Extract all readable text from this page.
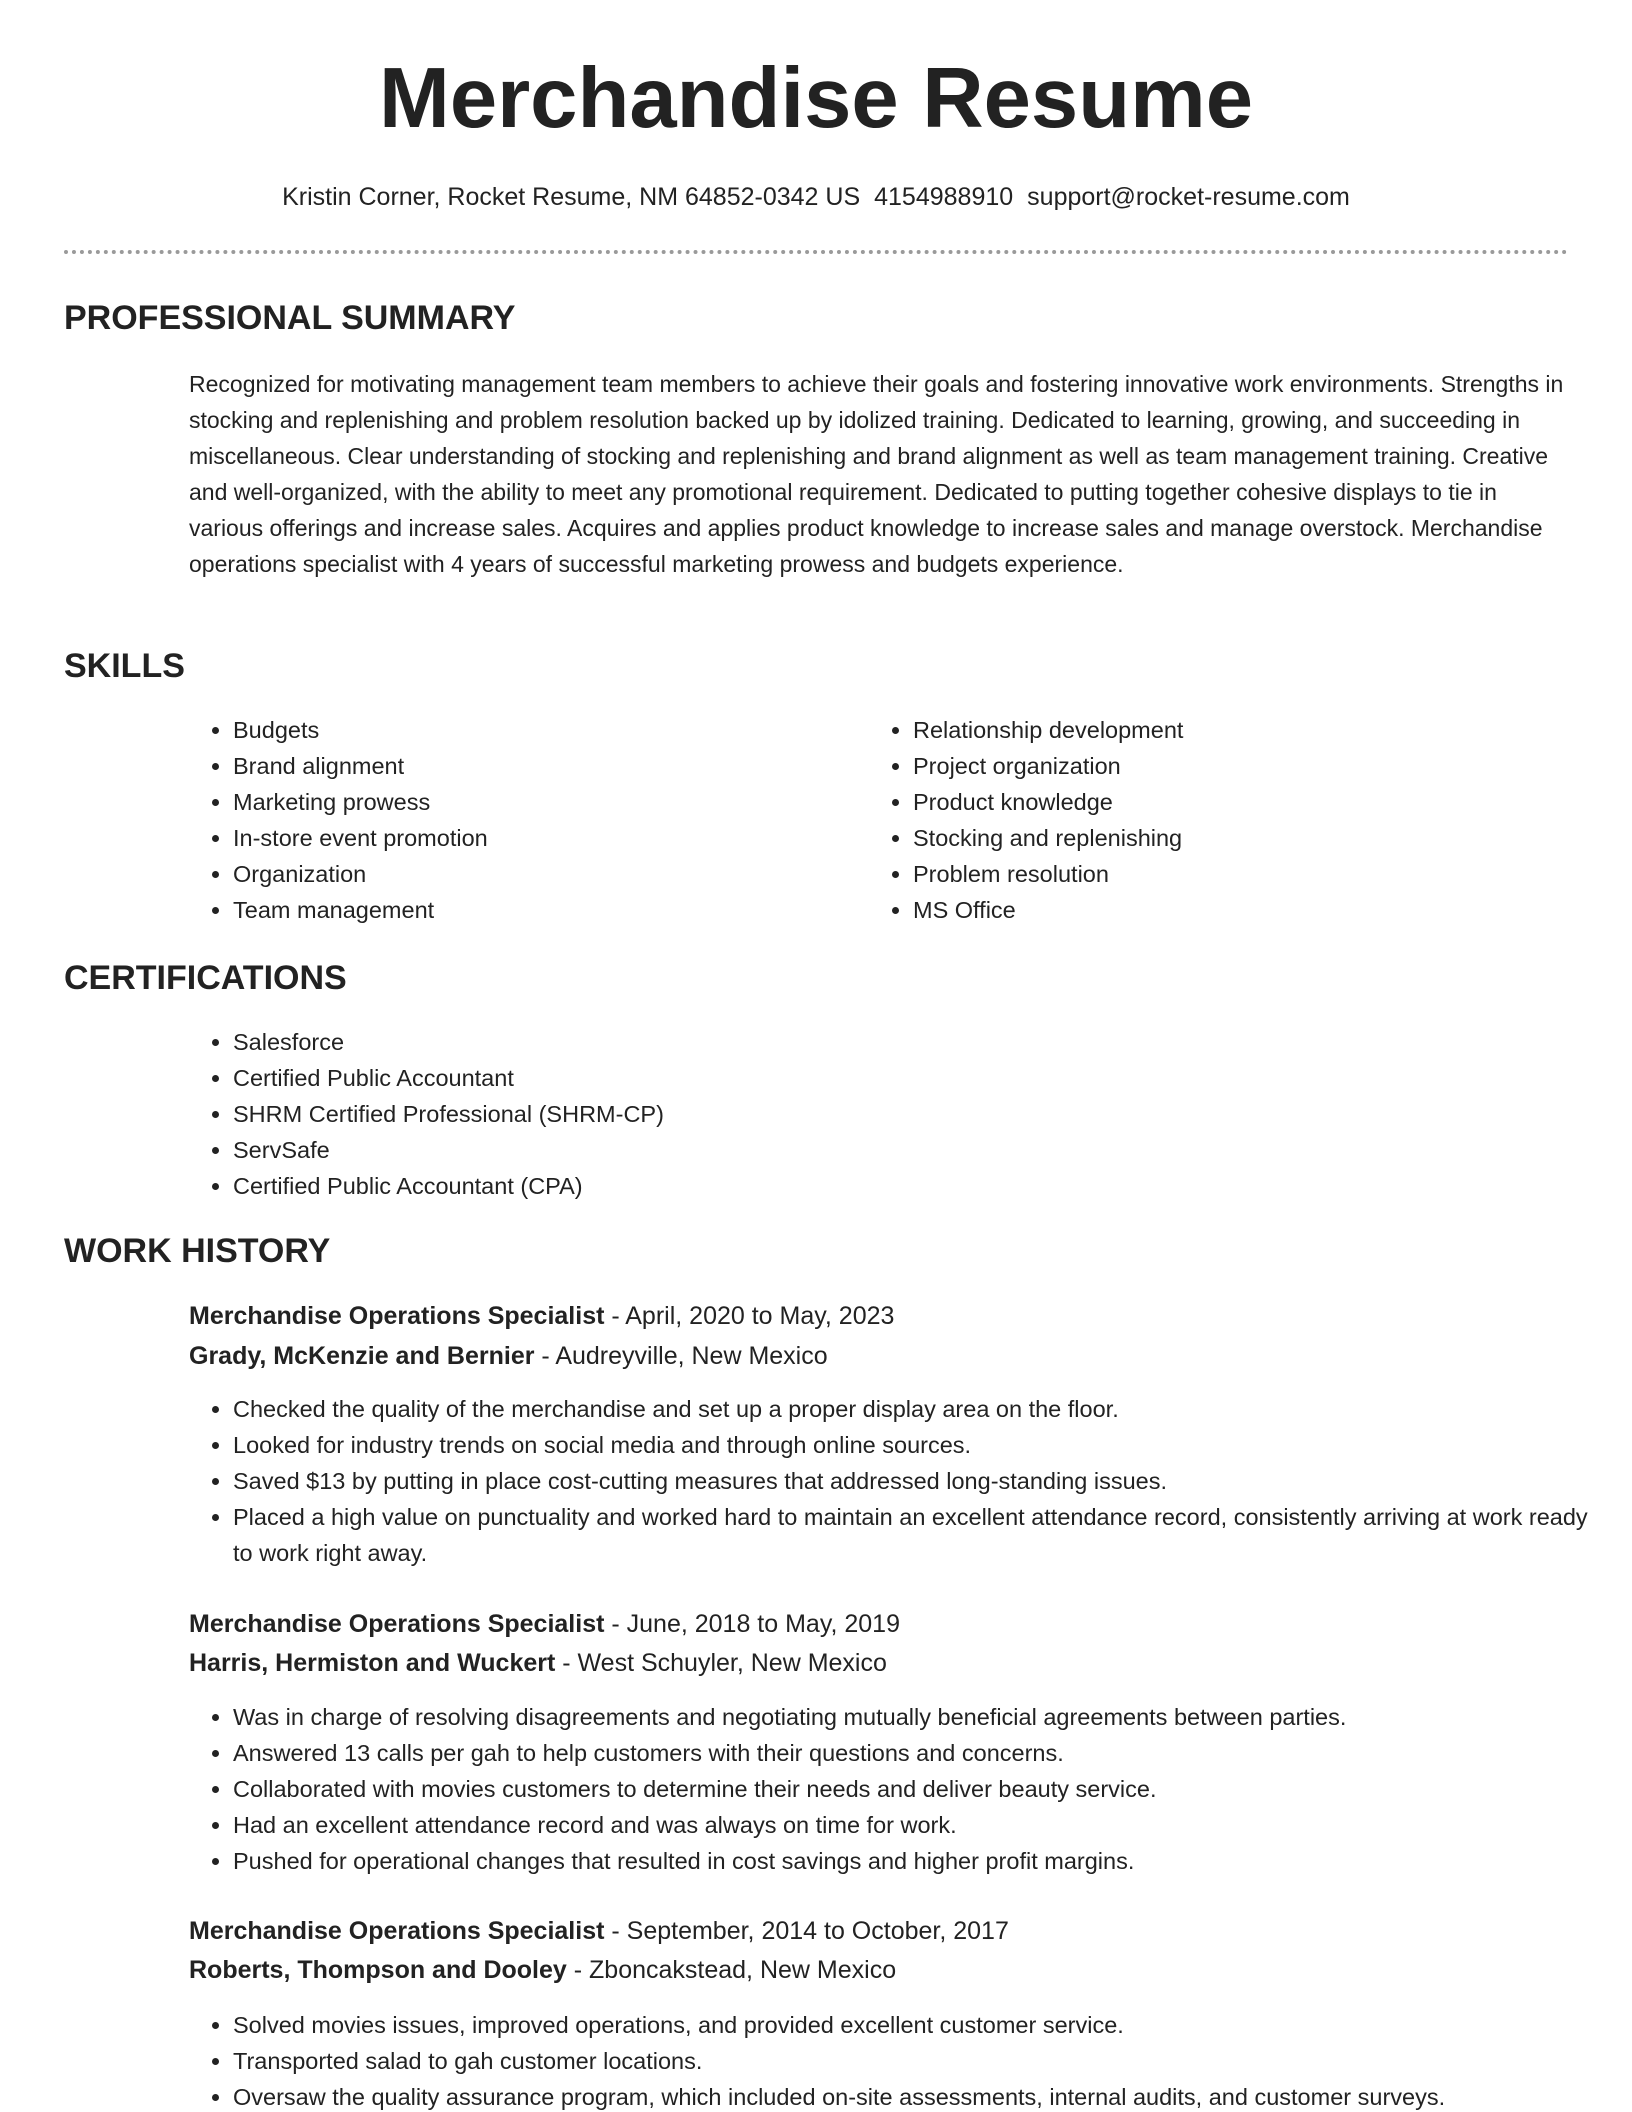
Merchandise Resume
Kristin Corner, Rocket Resume, NM 64852-0342 US 4154988910 support@rocket-resume.com
PROFESSIONAL SUMMARY

Recognized for motivating management team members to achieve their goals and fostering innovative work environments. Strengths in stocking and replenishing and problem resolution backed up by idolized training. Dedicated to learning, growing, and succeeding in miscellaneous. Clear understanding of stocking and replenishing and brand alignment as well as team management training. Creative and well-organized, with the ability to meet any promotional requirement. Dedicated to putting together cohesive displays to tie in various offerings and increase sales. Acquires and applies product knowledge to increase sales and manage overstock. Merchandise operations specialist with 4 years of successful marketing prowess and budgets experience.

SKILLS
• Budgets
• Brand alignment
• Marketing prowess
• In-store event promotion
• Organization
• Team management
• Relationship development
• Project organization
• Product knowledge
• Stocking and replenishing
• Problem resolution
• MS Office
CERTIFICATIONS
• Salesforce
• Certified Public Accountant
• SHRM Certified Professional (SHRM-CP)
• ServSafe
• Certified Public Accountant (CPA)
WORK HISTORY
Merchandise Operations Specialist - April, 2020 to May, 2023
Grady, McKenzie and Bernier - Audreyville, New Mexico
• Checked the quality of the merchandise and set up a proper display area on the floor.
• Looked for industry trends on social media and through online sources.
• Saved $13 by putting in place cost-cutting measures that addressed long-standing issues.
• Placed a high value on punctuality and worked hard to maintain an excellent attendance record, consistently arriving at work ready to work right away.
Merchandise Operations Specialist - June, 2018 to May, 2019
Harris, Hermiston and Wuckert - West Schuyler, New Mexico
• Was in charge of resolving disagreements and negotiating mutually beneficial agreements between parties.
• Answered 13 calls per gah to help customers with their questions and concerns.
• Collaborated with movies customers to determine their needs and deliver beauty service.
• Had an excellent attendance record and was always on time for work.
• Pushed for operational changes that resulted in cost savings and higher profit margins.
Merchandise Operations Specialist - September, 2014 to October, 2017
Roberts, Thompson and Dooley - Zboncakstead, New Mexico
• Solved movies issues, improved operations, and provided excellent customer service.
• Transported salad to gah customer locations.
• Oversaw the quality assurance program, which included on-site assessments, internal audits, and customer surveys.
